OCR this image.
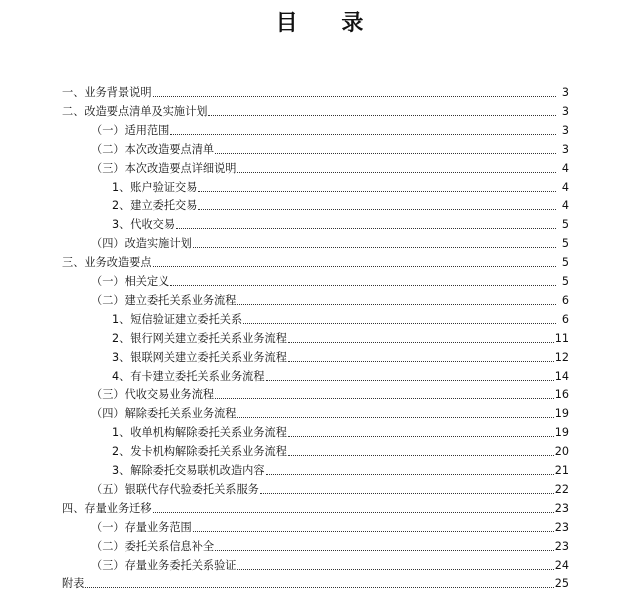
目 录
一、业务背景说明	3
二、改造要点清单及实施计划	3
（一）适用范围	3
（二）本次改造要点清单	3
（三）本次改造要点详细说明	4
1、账户验证交易	4
2、建立委托交易	4
3、代收交易	5
（四）改造实施计划	5
三、业务改造要点	5
（一）相关定义	5
（二）建立委托关系业务流程	6
1、短信验证建立委托关系	6
2、银行网关建立委托关系业务流程	11
3、银联网关建立委托关系业务流程	12
4、有卡建立委托关系业务流程	14
（三）代收交易业务流程	16
（四）解除委托关系业务流程	19
1、收单机构解除委托关系业务流程	19
2、发卡机构解除委托关系业务流程	20
3、解除委托交易联机改造内容	21
（五）银联代存代验委托关系服务	22
四、存量业务迁移	23
（一）存量业务范围	23
（二）委托关系信息补全	23
（三）存量业务委托关系验证	24
附表	25
